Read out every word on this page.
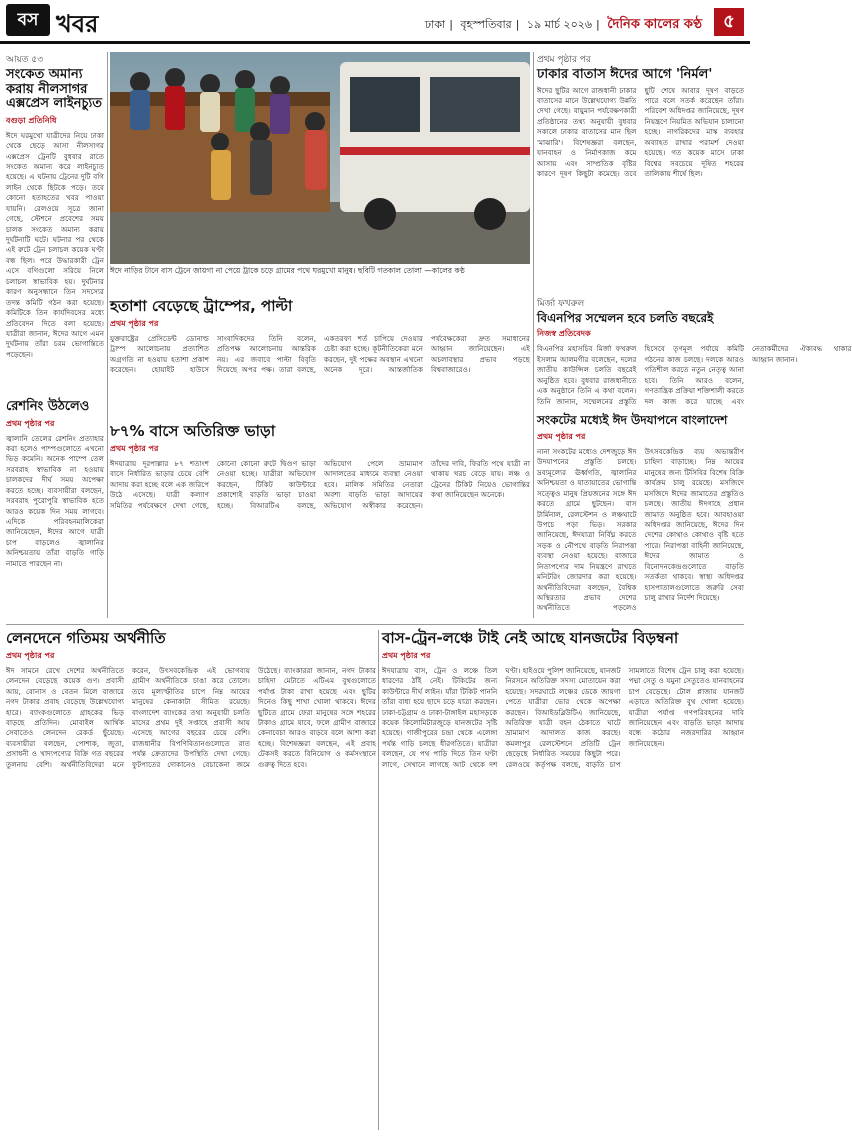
বস খবর	ঢাকা | বৃহস্পতিবার | ১৯ মার্চ ২০২৬ | দৈনিক কালের কণ্ঠ	৫
আয়ত ৫৩
সংকেত অমান্য করায় নীলসাগর এক্সপ্রেস লাইনচ্যুত
বগুড়া প্রতিনিধি
ঈদে ঘরমুখো যাত্রীদের নিয়ে ঢাকা থেকে ছেড়ে আসা নীলসাগর এক্সপ্রেস ট্রেনটি বুধবার রাতে সংকেত অমান্য করে লাইনচ্যুত হয়েছে। এ ঘটনায় ট্রেনের দুটি বগি লাইন থেকে ছিটকে পড়ে। তবে কোনো হতাহতের খবর পাওয়া যায়নি। রেলওয়ে সূত্রে জানা গেছে, স্টেশনে প্রবেশের সময় চালক সংকেত অমান্য করায় দুর্ঘটনাটি ঘটে। ঘটনার পর থেকে এই রুটে ট্রেন চলাচল কয়েক ঘণ্টা বন্ধ ছিল। পরে উদ্ধারকারী ট্রেন এসে বগিগুলো সরিয়ে নিলে চলাচল স্বাভাবিক হয়। দুর্ঘটনার কারণ অনুসন্ধানে তিন সদস্যের তদন্ত কমিটি গঠন করা হয়েছে। কমিটিকে তিন কার্যদিবসের মধ্যে প্রতিবেদন দিতে বলা হয়েছে। যাত্রীরা জানান, ঈদের আগে এমন দুর্ঘটনায় তাঁরা চরম ভোগান্তিতে পড়েছেন।
রেশনিং উঠলেও
প্রথম পৃষ্ঠার পর
জ্বালানি তেলের রেশনিং প্রত্যাহার করা হলেও পাম্পগুলোতে এখনো ভিড় কমেনি। অনেক পাম্পে তেল সরবরাহ স্বাভাবিক না হওয়ায় চালকদের দীর্ঘ সময় অপেক্ষা করতে হচ্ছে। ব্যবসায়ীরা বলছেন, সরবরাহ পুরোপুরি স্বাভাবিক হতে আরও কয়েক দিন সময় লাগবে। এদিকে পরিবহনমালিকেরা জানিয়েছেন, ঈদের আগে যাত্রী চাপ বাড়লেও জ্বালানির অনিশ্চয়তায় তাঁরা বাড়তি গাড়ি নামাতে পারছেন না।
ঈদে নাড়ির টানে বাস ট্রেনে জায়গা না পেয়ে ট্রাকে চড়ে গ্রামের পথে ঘরমুখো মানুষ। ছবিটি গতকাল তোলা —কালের কণ্ঠ
হতাশা বেড়েছে ট্রাম্পের, পাল্টা
প্রথম পৃষ্ঠার পর
যুক্তরাষ্ট্রের প্রেসিডেন্ট ডোনাল্ড ট্রাম্প আলোচনায় প্রত্যাশিত অগ্রগতি না হওয়ায় হতাশা প্রকাশ করেছেন। হোয়াইট হাউসে সাংবাদিকদের তিনি বলেন, প্রতিপক্ষ আলোচনায় আন্তরিক নয়। এর জবাবে পাল্টা বিবৃতি দিয়েছে অপর পক্ষ। তারা বলছে, একতরফা শর্ত চাপিয়ে দেওয়ার চেষ্টা করা হচ্ছে। কূটনীতিকেরা মনে করছেন, দুই পক্ষের অবস্থান এখনো অনেক দূরে। আন্তর্জাতিক পর্যবেক্ষকেরা দ্রুত সমাধানের আহ্বান জানিয়েছেন। এই অচলাবস্থার প্রভাব পড়ছে বিশ্ববাজারেও।
৮৭% বাসে অতিরিক্ত ভাড়া
প্রথম পৃষ্ঠার পর
ঈদযাত্রায় দূরপাল্লার ৮৭ শতাংশ বাসে নির্ধারিত ভাড়ার চেয়ে বেশি আদায় করা হচ্ছে বলে এক জরিপে উঠে এসেছে। যাত্রী কল্যাণ সমিতির পর্যবেক্ষণে দেখা গেছে, কোনো কোনো রুটে দ্বিগুণ ভাড়া নেওয়া হচ্ছে। যাত্রীরা অভিযোগ করছেন, টিকিট কাউন্টারে প্রকাশ্যেই বাড়তি ভাড়া চাওয়া হচ্ছে। বিআরটিএ বলছে, অভিযোগ পেলে ভ্রাম্যমাণ আদালতের মাধ্যমে ব্যবস্থা নেওয়া হবে। মালিক সমিতির নেতারা অবশ্য বাড়তি ভাড়া আদায়ের অভিযোগ অস্বীকার করেছেন। তাঁদের দাবি, ফিরতি পথে যাত্রী না থাকায় খরচ বেড়ে যায়। লঞ্চ ও ট্রেনের টিকিট নিয়েও ভোগান্তির কথা জানিয়েছেন অনেকে।
প্রথম পৃষ্ঠার পর
ঢাকার বাতাস ঈদের আগে 'নির্মল'
ঈদের ছুটির আগে রাজধানী ঢাকার বাতাসের মানে উল্লেখযোগ্য উন্নতি দেখা গেছে। বায়ুমান পর্যবেক্ষণকারী প্রতিষ্ঠানের তথ্য অনুযায়ী বুধবার সকালে ঢাকার বাতাসের মান ছিল 'মাঝারি'। বিশেষজ্ঞরা বলছেন, যানবাহন ও নির্মাণকাজ কমে আসায় এবং সাম্প্রতিক বৃষ্টির কারণে দূষণ কিছুটা কমেছে। তবে ছুটি শেষে আবার দূষণ বাড়তে পারে বলে সতর্ক করেছেন তাঁরা। পরিবেশ অধিদপ্তর জানিয়েছে, দূষণ নিয়ন্ত্রণে নিয়মিত অভিযান চালানো হচ্ছে। নাগরিকদের মাস্ক ব্যবহার অব্যাহত রাখার পরামর্শ দেওয়া হয়েছে। গত কয়েক মাসে ঢাকা বিশ্বের সবচেয়ে দূষিত শহরের তালিকায় শীর্ষে ছিল।
মির্জা ফখরুল
বিএনপির সম্মেলন হবে চলতি বছরেই
নিজস্ব প্রতিবেদক
বিএনপির মহাসচিব মির্জা ফখরুল ইসলাম আলমগীর বলেছেন, দলের জাতীয় কাউন্সিল চলতি বছরেই অনুষ্ঠিত হবে। বুধবার রাজধানীতে এক অনুষ্ঠানে তিনি এ কথা বলেন। তিনি জানান, সম্মেলনের প্রস্তুতি হিসেবে তৃণমূল পর্যায়ে কমিটি গঠনের কাজ চলছে। দলকে আরও গতিশীল করতে নতুন নেতৃত্ব আনা হবে। তিনি আরও বলেন, গণতান্ত্রিক প্রক্রিয়া শক্তিশালী করতে দল কাজ করে যাচ্ছে এবং নেতাকর্মীদের ঐক্যবদ্ধ থাকার আহ্বান জানান।
সংকটের মধ্যেই ঈদ উদযাপনে বাংলাদেশ
প্রথম পৃষ্ঠার পর
নানা সংকটের মধ্যেও দেশজুড়ে ঈদ উদযাপনের প্রস্তুতি চলছে। দ্রব্যমূল্যের ঊর্ধ্বগতি, জ্বালানির অনিশ্চয়তা ও যাতায়াতের ভোগান্তি সত্ত্বেও মানুষ প্রিয়জনের সঙ্গে ঈদ করতে গ্রামে ছুটছেন। বাস টার্মিনাল, রেলস্টেশন ও লঞ্চঘাটে উপচে পড়া ভিড়। সরকার জানিয়েছে, ঈদযাত্রা নির্বিঘ্ন করতে সড়ক ও নৌপথে বাড়তি নিরাপত্তা ব্যবস্থা নেওয়া হয়েছে। বাজারে নিত্যপণ্যের দাম নিয়ন্ত্রণে রাখতে মনিটরিং জোরদার করা হয়েছে। অর্থনীতিবিদেরা বলছেন, বৈশ্বিক অস্থিরতার প্রভাব দেশের অর্থনীতিতে পড়লেও উৎসবকেন্দ্রিক ব্যয় অভ্যন্তরীণ চাহিদা বাড়াচ্ছে। নিম্ন আয়ের মানুষের জন্য টিসিবির বিশেষ বিক্রি কার্যক্রম চালু রয়েছে। মসজিদে মসজিদে ঈদের জামাতের প্রস্তুতিও চলছে। জাতীয় ঈদগাহে প্রধান জামাত অনুষ্ঠিত হবে। আবহাওয়া অধিদপ্তর জানিয়েছে, ঈদের দিন দেশের কোথাও কোথাও বৃষ্টি হতে পারে। নিরাপত্তা বাহিনী জানিয়েছে, ঈদের জামাত ও বিনোদনকেন্দ্রগুলোতে বাড়তি সতর্কতা থাকবে। স্বাস্থ্য অধিদপ্তর হাসপাতালগুলোতে জরুরি সেবা চালু রাখার নির্দেশ দিয়েছে।
লেনদেনে গতিময় অর্থনীতি
প্রথম পৃষ্ঠার পর
ঈদ সামনে রেখে দেশের অর্থনীতিতে লেনদেন বেড়েছে কয়েক গুণ। প্রবাসী আয়, বোনাস ও বেতন মিলে বাজারে নগদ টাকার প্রবাহ বেড়েছে উল্লেখযোগ্য হারে। ব্যাংকগুলোতে গ্রাহকের ভিড় বাড়ছে প্রতিদিন। মোবাইল আর্থিক সেবাতেও লেনদেন রেকর্ড ছুঁয়েছে। ব্যবসায়ীরা বলছেন, পোশাক, জুতা, প্রসাধনী ও খাদ্যপণ্যের বিক্রি গত বছরের তুলনায় বেশি। অর্থনীতিবিদেরা মনে করেন, উৎসবকেন্দ্রিক এই ভোগব্যয় গ্রামীণ অর্থনীতিকে চাঙা করে তোলে। তবে মূল্যস্ফীতির চাপে নিম্ন আয়ের মানুষের কেনাকাটা সীমিত রয়েছে। বাংলাদেশ ব্যাংকের তথ্য অনুযায়ী চলতি মাসের প্রথম দুই সপ্তাহে প্রবাসী আয় এসেছে আগের বছরের চেয়ে বেশি। রাজধানীর বিপণিবিতানগুলোতে রাত পর্যন্ত ক্রেতাদের উপস্থিতি দেখা গেছে। ফুটপাতের দোকানেও বেচাকেনা জমে উঠেছে। ব্যাংকাররা জানান, নগদ টাকার চাহিদা মেটাতে এটিএম বুথগুলোতে পর্যাপ্ত টাকা রাখা হয়েছে এবং ছুটির দিনেও কিছু শাখা খোলা থাকবে। ঈদের ছুটিতে গ্রামে ফেরা মানুষের সঙ্গে শহরের টাকাও গ্রামে যাবে, ফলে গ্রামীণ বাজারে কেনাবেচা আরও বাড়বে বলে আশা করা হচ্ছে। বিশেষজ্ঞরা বলছেন, এই প্রবাহ টেকসই করতে বিনিয়োগ ও কর্মসংস্থানে গুরুত্ব দিতে হবে।
বাস-ট্রেন-লঞ্চে টাই নেই আছে যানজটের বিড়ম্বনা
প্রথম পৃষ্ঠার পর
ঈদযাত্রায় বাস, ট্রেন ও লঞ্চে তিল ধারণের ঠাঁই নেই। টিকিটের জন্য কাউন্টারে দীর্ঘ লাইন। যাঁরা টিকিট পাননি তাঁরা বাধ্য হয়ে ছাদে চড়ে যাত্রা করছেন। ঢাকা-চট্টগ্রাম ও ঢাকা-টাঙ্গাইল মহাসড়কে কয়েক কিলোমিটারজুড়ে যানজটের সৃষ্টি হয়েছে। গাজীপুরের চন্দ্রা থেকে এলেঙ্গা পর্যন্ত গাড়ি চলছে ধীরগতিতে। যাত্রীরা বলছেন, যে পথ পাড়ি দিতে তিন ঘণ্টা লাগে, সেখানে লাগছে আট থেকে দশ ঘণ্টা। হাইওয়ে পুলিশ জানিয়েছে, যানজট নিরসনে অতিরিক্ত সদস্য মোতায়েন করা হয়েছে। সদরঘাটে লঞ্চের ডেকে জায়গা পেতে যাত্রীরা ভোর থেকে অপেক্ষা করছেন। বিআইডব্লিউটিএ জানিয়েছে, অতিরিক্ত যাত্রী বহন ঠেকাতে ঘাটে ভ্রাম্যমাণ আদালত কাজ করছে। কমলাপুর রেলস্টেশনে প্রতিটি ট্রেন ছেড়েছে নির্ধারিত সময়ের কিছুটা পরে। রেলওয়ে কর্তৃপক্ষ বলছে, বাড়তি চাপ সামলাতে বিশেষ ট্রেন চালু করা হয়েছে। পদ্মা সেতু ও যমুনা সেতুতেও যানবাহনের চাপ বেড়েছে। টোল প্লাজায় যানজট এড়াতে অতিরিক্ত বুথ খোলা হয়েছে। যাত্রীরা পর্যাপ্ত গণপরিবহনের দাবি জানিয়েছেন এবং বাড়তি ভাড়া আদায় বন্ধে কঠোর নজরদারির আহ্বান জানিয়েছেন।
